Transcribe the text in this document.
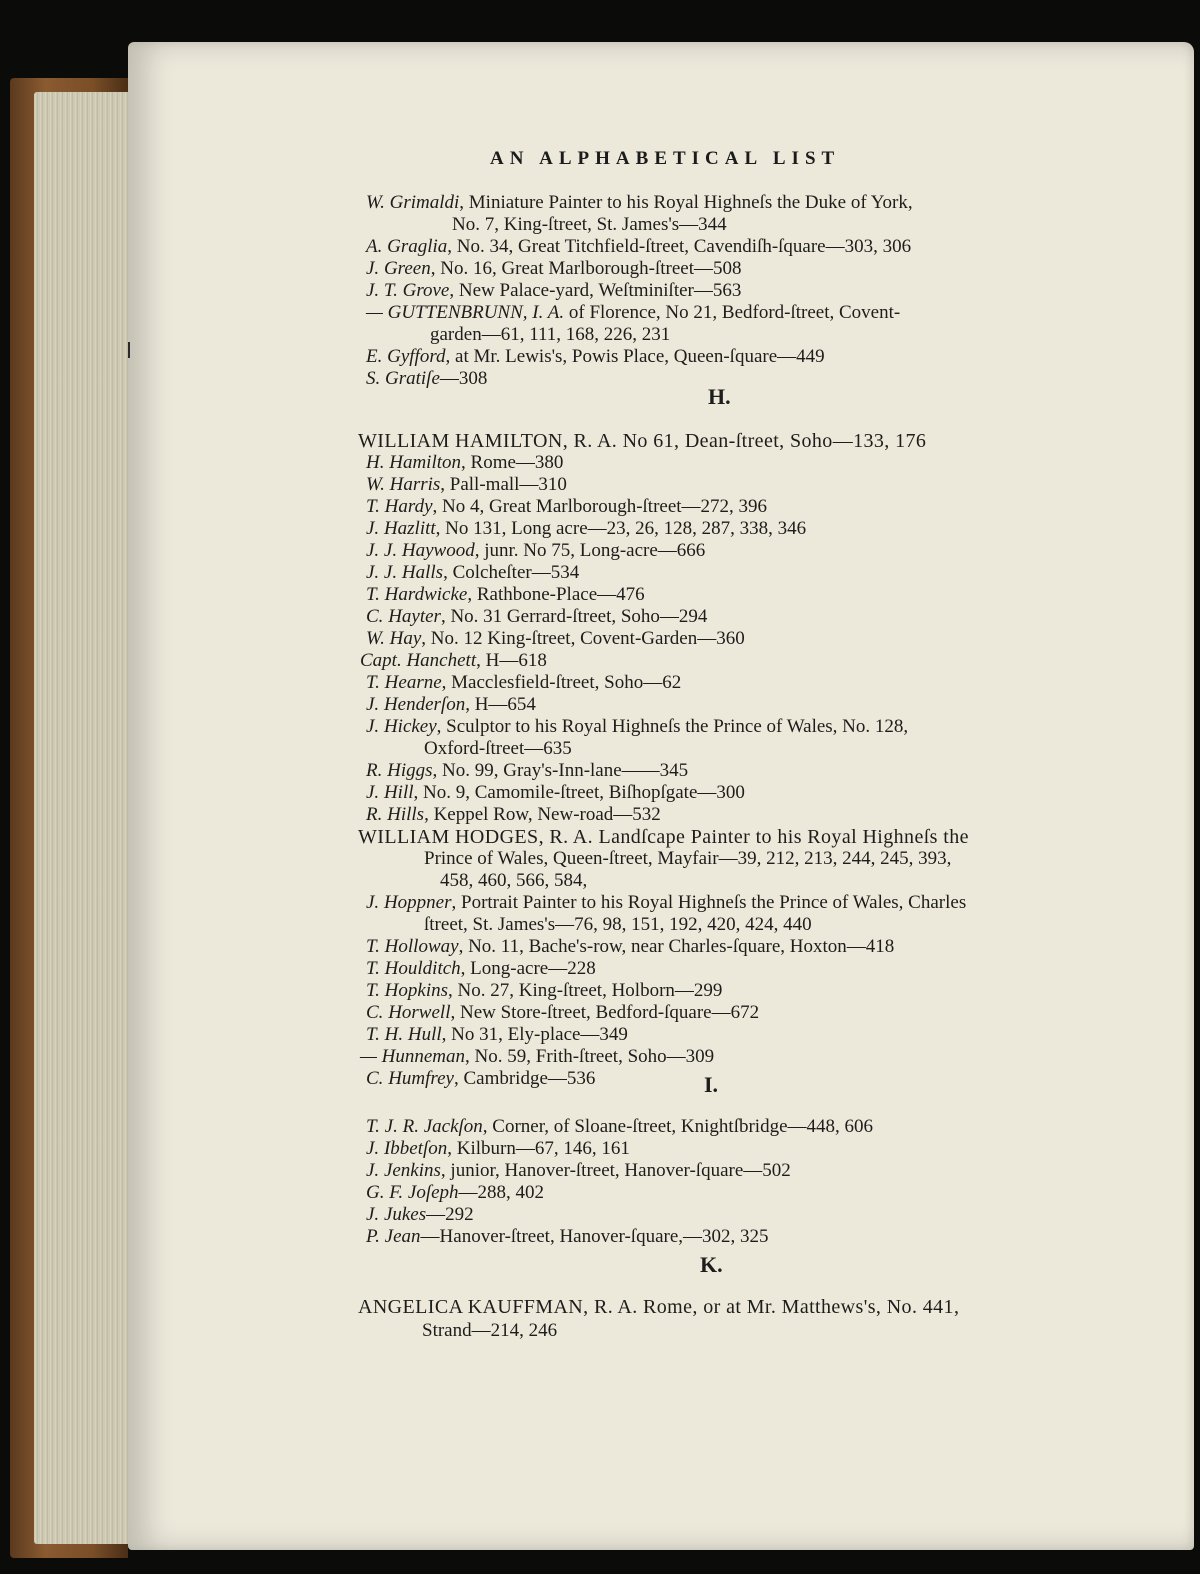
AN ALPHABETICAL LIST
H.
I.
K.
W. Grimaldi, Miniature Painter to his Royal Highneſs the Duke of York,
No. 7, King-ſtreet, St. James's—344
A. Graglia, No. 34, Great Titchfield-ſtreet, Cavendiſh-ſquare—303, 306
J. Green, No. 16, Great Marlborough-ſtreet—508
J. T. Grove, New Palace-yard, Weſtminiſter—563
— GUTTENBRUNN, I. A. of Florence, No 21, Bedford-ſtreet, Covent-
garden—61, 111, 168, 226, 231
E. Gyfford, at Mr. Lewis's, Powis Place, Queen-ſquare—449
S. Gratiſe—308
WILLIAM HAMILTON, R. A. No 61, Dean-ſtreet, Soho—133, 176
H. Hamilton, Rome—380
W. Harris, Pall-mall—310
T. Hardy, No 4, Great Marlborough-ſtreet—272, 396
J. Hazlitt, No 131, Long acre—23, 26, 128, 287, 338, 346
J. J. Haywood, junr. No 75, Long-acre—666
J. J. Halls, Colcheſter—534
T. Hardwicke, Rathbone-Place—476
C. Hayter, No. 31 Gerrard-ſtreet, Soho—294
W. Hay, No. 12 King-ſtreet, Covent-Garden—360
Capt. Hanchett, H—618
T. Hearne, Macclesfield-ſtreet, Soho—62
J. Henderſon, H—654
J. Hickey, Sculptor to his Royal Highneſs the Prince of Wales, No. 128,
Oxford-ſtreet—635
R. Higgs, No. 99, Gray's-Inn-lane——345
J. Hill, No. 9, Camomile-ſtreet, Biſhopſgate—300
R. Hills, Keppel Row, New-road—532
WILLIAM HODGES, R. A. Landſcape Painter to his Royal Highneſs the
Prince of Wales, Queen-ſtreet, Mayfair—39, 212, 213, 244, 245, 393,
458, 460, 566, 584,
J. Hoppner, Portrait Painter to his Royal Highneſs the Prince of Wales, Charles
ſtreet, St. James's—76, 98, 151, 192, 420, 424, 440
T. Holloway, No. 11, Bache's-row, near Charles-ſquare, Hoxton—418
T. Houlditch, Long-acre—228
T. Hopkins, No. 27, King-ſtreet, Holborn—299
C. Horwell, New Store-ſtreet, Bedford-ſquare—672
T. H. Hull, No 31, Ely-place—349
— Hunneman, No. 59, Frith-ſtreet, Soho—309
C. Humfrey, Cambridge—536
T. J. R. Jackſon, Corner, of Sloane-ſtreet, Knightſbridge—448, 606
J. Ibbetſon, Kilburn—67, 146, 161
J. Jenkins, junior, Hanover-ſtreet, Hanover-ſquare—502
G. F. Joſeph—288, 402
J. Jukes—292
P. Jean—Hanover-ſtreet, Hanover-ſquare,—302, 325
ANGELICA KAUFFMAN, R. A. Rome, or at Mr. Matthews's, No. 441,
Strand—214, 246
